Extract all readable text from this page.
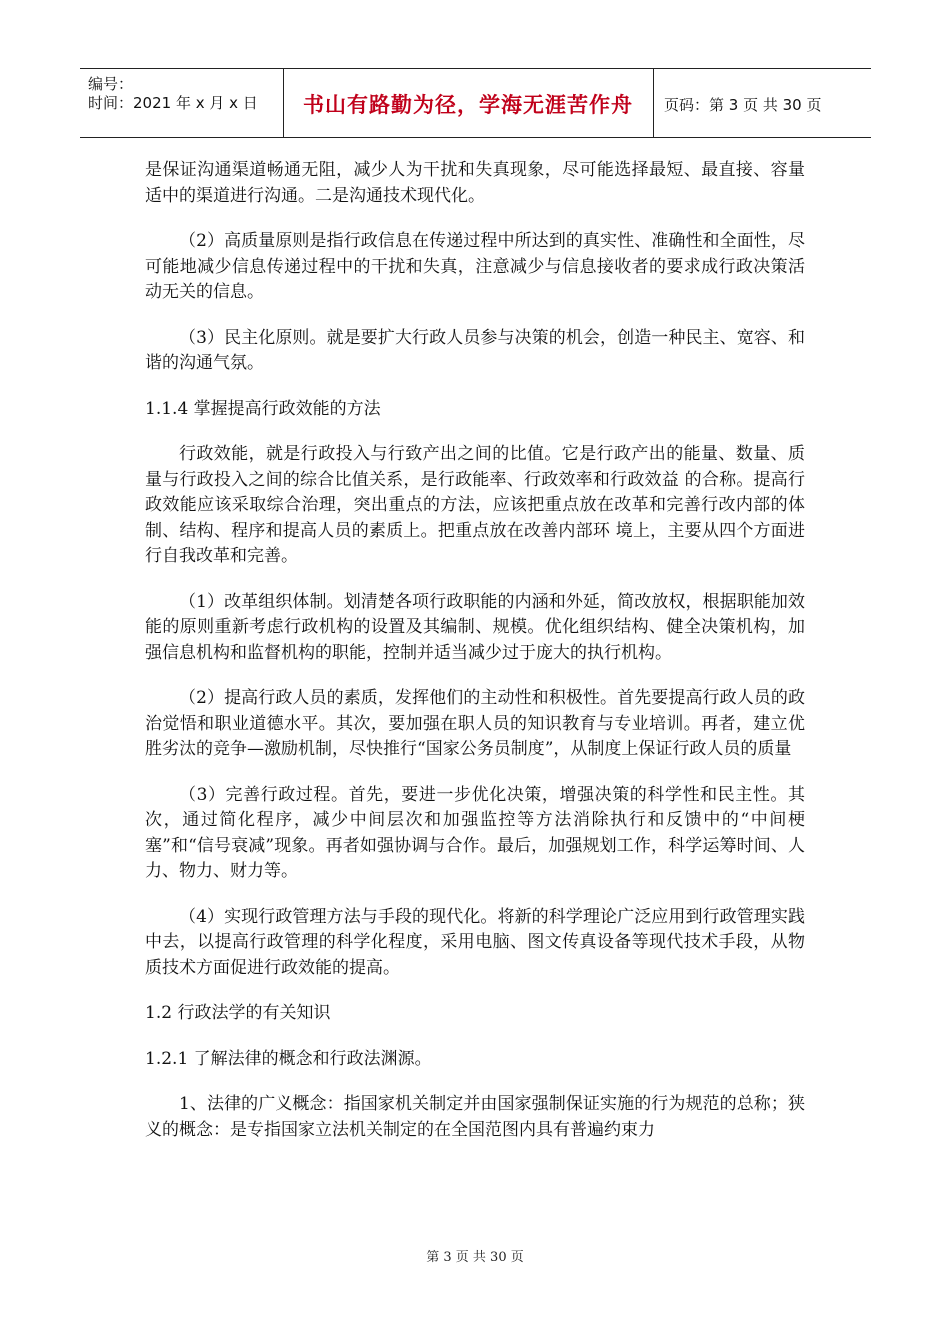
编号：
时间：2021 年 x 月 x 日	书山有路勤为径，学海无涯苦作舟	页码：第 3 页 共 30 页

是保证沟通渠道畅通无阻，减少人为干扰和失真现象，尽可能选择最短、最直接、容量适中的渠道进行沟通。二是沟通技术现代化。

（2）高质量原则是指行政信息在传递过程中所达到的真实性、准确性和全面性，尽可能地减少信息传递过程中的干扰和失真，注意减少与信息接收者的要求成行政决策活动无关的信息。

（3）民主化原则。就是要扩大行政人员参与决策的机会，创造一种民主、宽容、和谐的沟通气氛。

1.1.4 掌握提高行政效能的方法

行政效能，就是行政投入与行致产出之间的比值。它是行政产出的能量、数量、质量与行政投入之间的综合比值关系，是行政能率、行政效率和行政效益 的合称。提高行政效能应该采取综合治理，突出重点的方法，应该把重点放在改革和完善行改内部的体制、结构、程序和提高人员的素质上。把重点放在改善内部环 境上，主要从四个方面进行自我改革和完善。

（1）改革组织体制。划清楚各项行政职能的内涵和外延，简改放权，根据职能加效能的原则重新考虑行政机构的设置及其编制、规模。优化组织结构、健全决策机构，加强信息机构和监督机构的职能，控制并适当减少过于庞大的执行机构。

（2）提高行政人员的素质，发挥他们的主动性和积极性。首先要提高行政人员的政治觉悟和职业道德水平。其次，要加强在职人员的知识教育与专业培训。再者，建立优胜劣汰的竞争—激励机制，尽快推行“国家公务员制度”，从制度上保证行政人员的质量

（3）完善行政过程。首先，要进一步优化决策，增强决策的科学性和民主性。其次，通过简化程序，减少中间层次和加强监控等方法消除执行和反馈中的“中间梗塞”和“信号衰减”现象。再者如强协调与合作。最后，加强规划工作，科学运筹时间、人力、物力、财力等。

（4）实现行政管理方法与手段的现代化。将新的科学理论广泛应用到行政管理实践中去，以提高行政管理的科学化程度，采用电脑、图文传真设备等现代技术手段，从物质技术方面促进行政效能的提高。

1.2 行政法学的有关知识

1.2.1 了解法律的概念和行政法渊源。

1、法律的广义概念：指国家机关制定并由国家强制保证实施的行为规范的总称；狭义的概念：是专指国家立法机关制定的在全国范图内具有普遍约束力

第 3 页 共 30 页
